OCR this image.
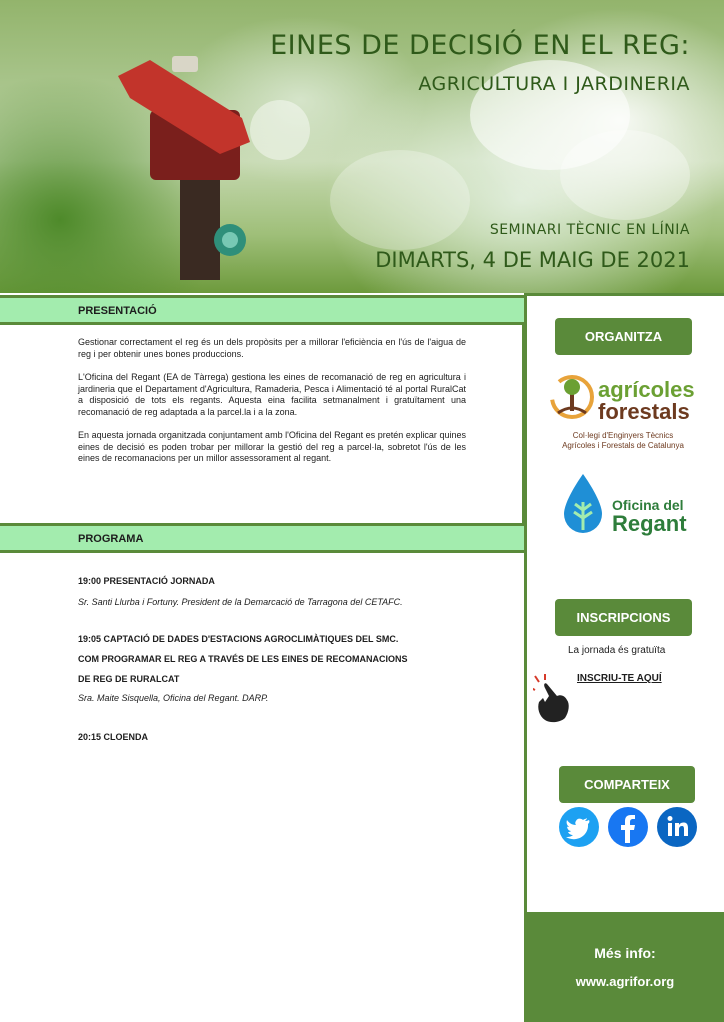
EINES DE DECISIÓ EN EL REG:
AGRICULTURA I JARDINERIA
SEMINARI TÈCNIC EN LÍNIA
DIMARTS, 4 DE MAIG DE 2021
PRESENTACIÓ

Gestionar correctament el reg és un dels propòsits per a millorar l'eficiència en l'ús de l'aigua de reg i per obtenir unes bones produccions.

L'Oficina del Regant (EA de Tàrrega) gestiona les eines de recomanació de reg en agricultura i jardineria que el Departament d'Agricultura, Ramaderia, Pesca i Alimentació té al portal RuralCat a disposició de tots els regants. Aquesta eina facilita setmanalment i gratuïtament una recomanació de reg adaptada a la parcel.la i a la zona.

En aquesta jornada organitzada conjuntament amb l'Oficina del Regant es pretén explicar quines eines de decisió es poden trobar per millorar la gestió del reg a parcel·la, sobretot l'ús de les eines de recomanacions per un millor assessorament al regant.

PROGRAMA
19:00 PRESENTACIÓ JORNADA
Sr. Santi Llurba i Fortuny. President de la Demarcació de Tarragona del CETAFC.
19:05 CAPTACIÓ DE DADES D'ESTACIONS AGROCLIMÀTIQUES DEL SMC.
COM PROGRAMAR EL REG A TRAVÉS DE LES EINES DE RECOMANACIONS
DE REG DE RURALCAT
Sra. Maite Sisquella, Oficina del Regant. DARP.
20:15 CLOENDA
ORGANITZA
agrícoles
forestals
Col·legi d'Enginyers Tècnics
Agrícoles i Forestals de Catalunya
Oficina del
Regant
INSCRIPCIONS
La jornada és gratuïta
INSCRIU-TE AQUÍ
COMPARTEIX
Més info:
www.agrifor.org
